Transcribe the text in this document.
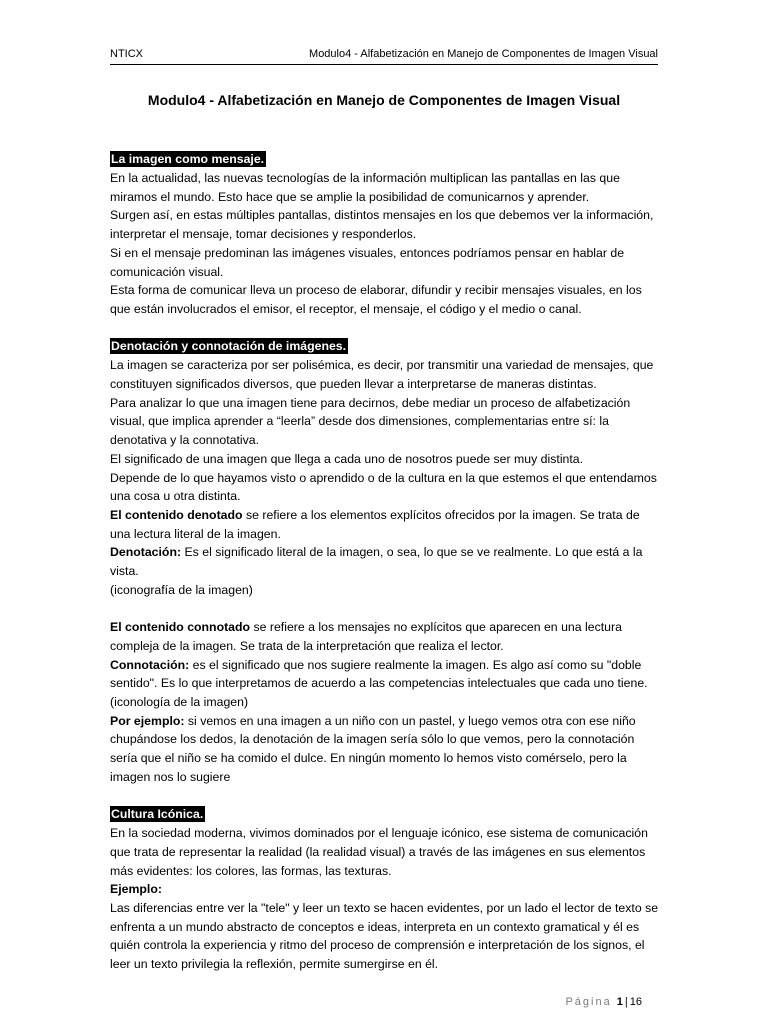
NTICX	Modulo4 - Alfabetización en Manejo de Componentes de Imagen Visual
Modulo4 - Alfabetización en Manejo de Componentes de Imagen Visual
La imagen como mensaje.

En la actualidad, las nuevas tecnologías de la información multiplican las pantallas en las que miramos el mundo. Esto hace que se amplie la posibilidad de comunicarnos y aprender.

Surgen así, en estas múltiples pantallas, distintos mensajes en los que debemos ver la información, interpretar el mensaje, tomar decisiones y responderlos.

Si en el mensaje predominan las imágenes visuales, entonces podríamos pensar en hablar de comunicación visual.

Esta forma de comunicar lleva un proceso de elaborar, difundir y recibir mensajes visuales, en los que están involucrados el emisor, el receptor, el mensaje, el código y el medio o canal.

Denotación y connotación de imágenes.

La imagen se caracteriza por ser polisémica, es decir, por transmitir una variedad de mensajes, que constituyen significados diversos, que pueden llevar a interpretarse de maneras distintas.

Para analizar lo que una imagen tiene para decirnos, debe mediar un proceso de alfabetización visual, que implica aprender a “leerla” desde dos dimensiones, complementarias entre sí: la denotativa y la connotativa.

El significado de una imagen que llega a cada uno de nosotros puede ser muy distinta.

Depende de lo que hayamos visto o aprendido o de la cultura en la que estemos el que entendamos una cosa u otra distinta.

El contenido denotado se refiere a los elementos explícitos ofrecidos por la imagen. Se trata de una lectura literal de la imagen.

Denotación: Es el significado literal de la imagen, o sea, lo que se ve realmente. Lo que está a la vista.

(iconografía de la imagen)

El contenido connotado se refiere a los mensajes no explícitos que aparecen en una lectura compleja de la imagen. Se trata de la interpretación que realiza el lector.

Connotación: es el significado que nos sugiere realmente la imagen. Es algo así como su "doble sentido". Es lo que interpretamos de acuerdo a las competencias intelectuales que cada uno tiene.

(iconología de la imagen)

Por ejemplo: si vemos en una imagen a un niño con un pastel, y luego vemos otra con ese niño chupándose los dedos, la denotación de la imagen sería sólo lo que vemos, pero la connotación sería que el niño se ha comido el dulce. En ningún momento lo hemos visto comérselo, pero la imagen nos lo sugiere

Cultura Icónica.

En la sociedad moderna, vivimos dominados por el lenguaje icónico, ese sistema de comunicación que trata de representar la realidad (la realidad visual) a través de las imágenes en sus elementos más evidentes: los colores, las formas, las texturas.

Ejemplo:

Las diferencias entre ver la "tele" y leer un texto se hacen evidentes, por un lado el lector de texto se enfrenta a un mundo abstracto de conceptos e ideas, interpreta en un contexto gramatical y él es quién controla la experiencia y ritmo del proceso de comprensión e interpretación de los signos, el leer un texto privilegia la reflexión, permite sumergirse en él.

Página 1 | 16
